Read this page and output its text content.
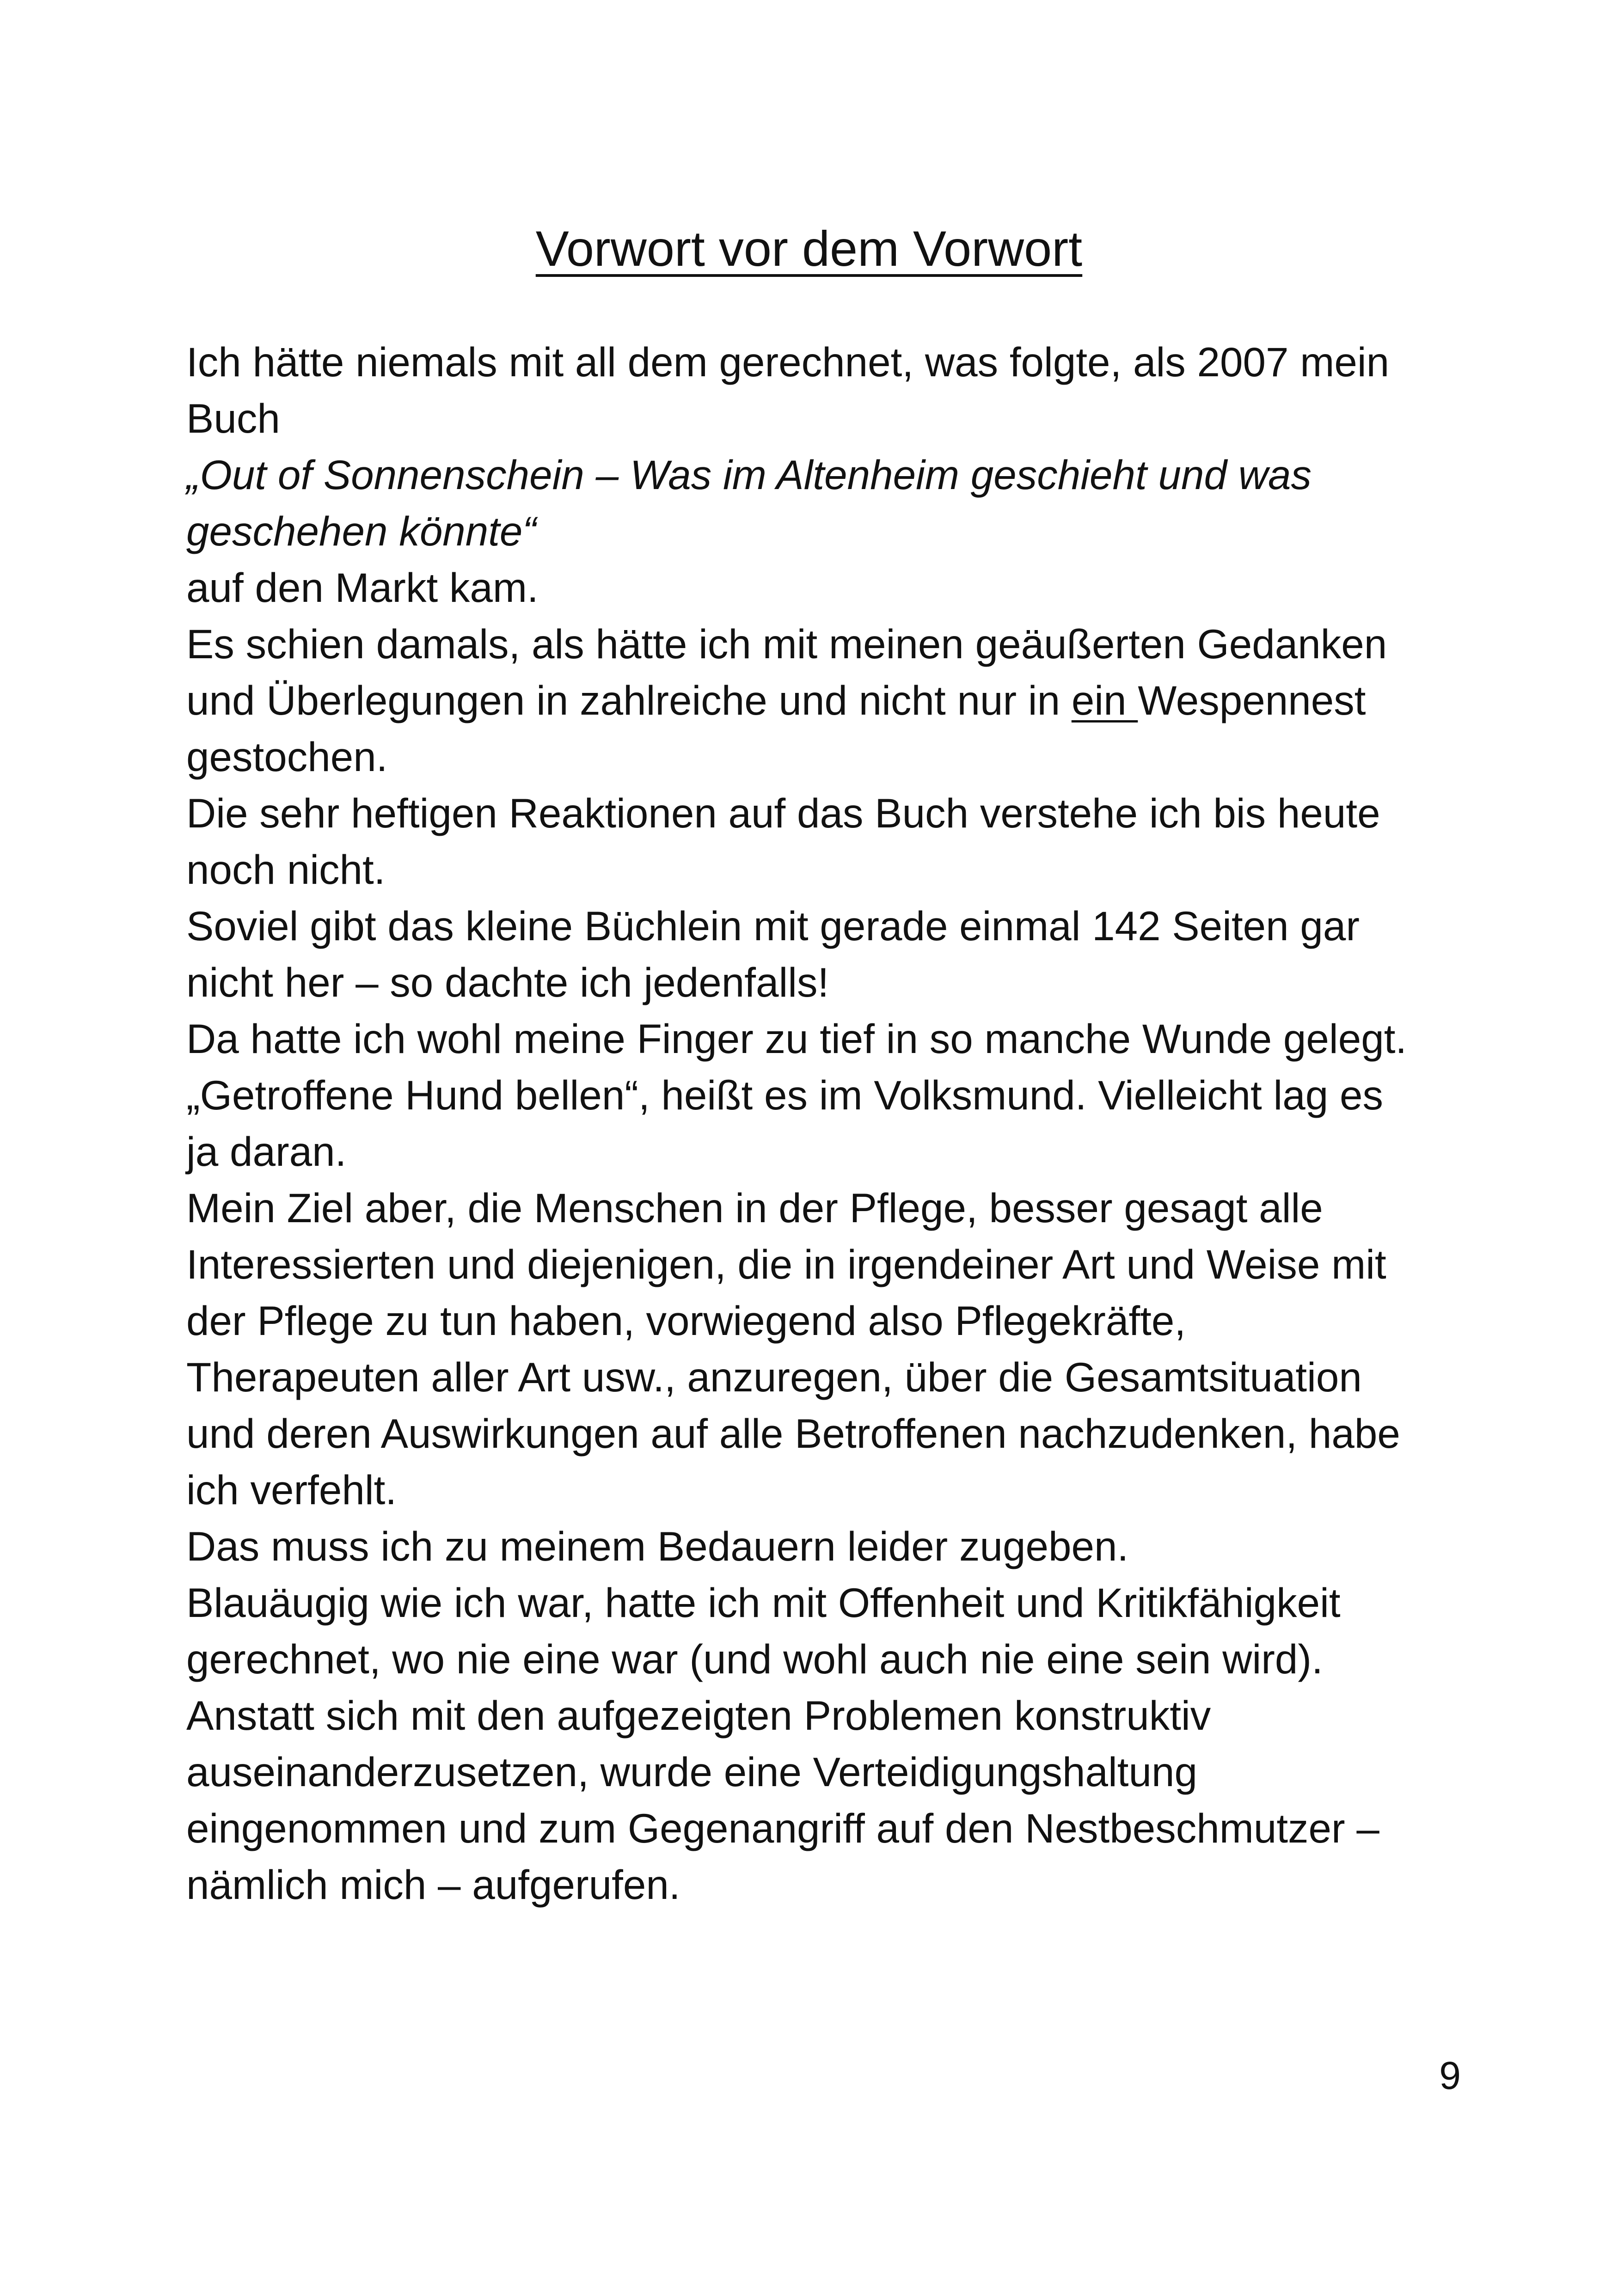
Vorwort vor dem Vorwort
Ich hätte niemals mit all dem gerechnet, was folgte, als 2007 mein
Buch
„Out of Sonnenschein – Was im Altenheim geschieht und was
geschehen könnte“
auf den Markt kam.
Es schien damals, als hätte ich mit meinen geäußerten Gedanken
und Überlegungen in zahlreiche und nicht nur in ein Wespennest
gestochen.
Die sehr heftigen Reaktionen auf das Buch verstehe ich bis heute
noch nicht.
Soviel gibt das kleine Büchlein mit gerade einmal 142 Seiten gar
nicht her – so dachte ich jedenfalls!
Da hatte ich wohl meine Finger zu tief in so manche Wunde gelegt.
„Getroffene Hund bellen“, heißt es im Volksmund. Vielleicht lag es
ja daran.
Mein Ziel aber, die Menschen in der Pflege, besser gesagt alle
Interessierten und diejenigen, die in irgendeiner Art und Weise mit
der Pflege zu tun haben, vorwiegend also Pflegekräfte,
Therapeuten aller Art usw., anzuregen, über die Gesamtsituation
und deren Auswirkungen auf alle Betroffenen nachzudenken, habe
ich verfehlt.
Das muss ich zu meinem Bedauern leider zugeben.
Blauäugig wie ich war, hatte ich mit Offenheit und Kritikfähigkeit
gerechnet, wo nie eine war (und wohl auch nie eine sein wird).
Anstatt sich mit den aufgezeigten Problemen konstruktiv
auseinanderzusetzen, wurde eine Verteidigungshaltung
eingenommen und zum Gegenangriff auf den Nestbeschmutzer –
nämlich mich – aufgerufen.
9
